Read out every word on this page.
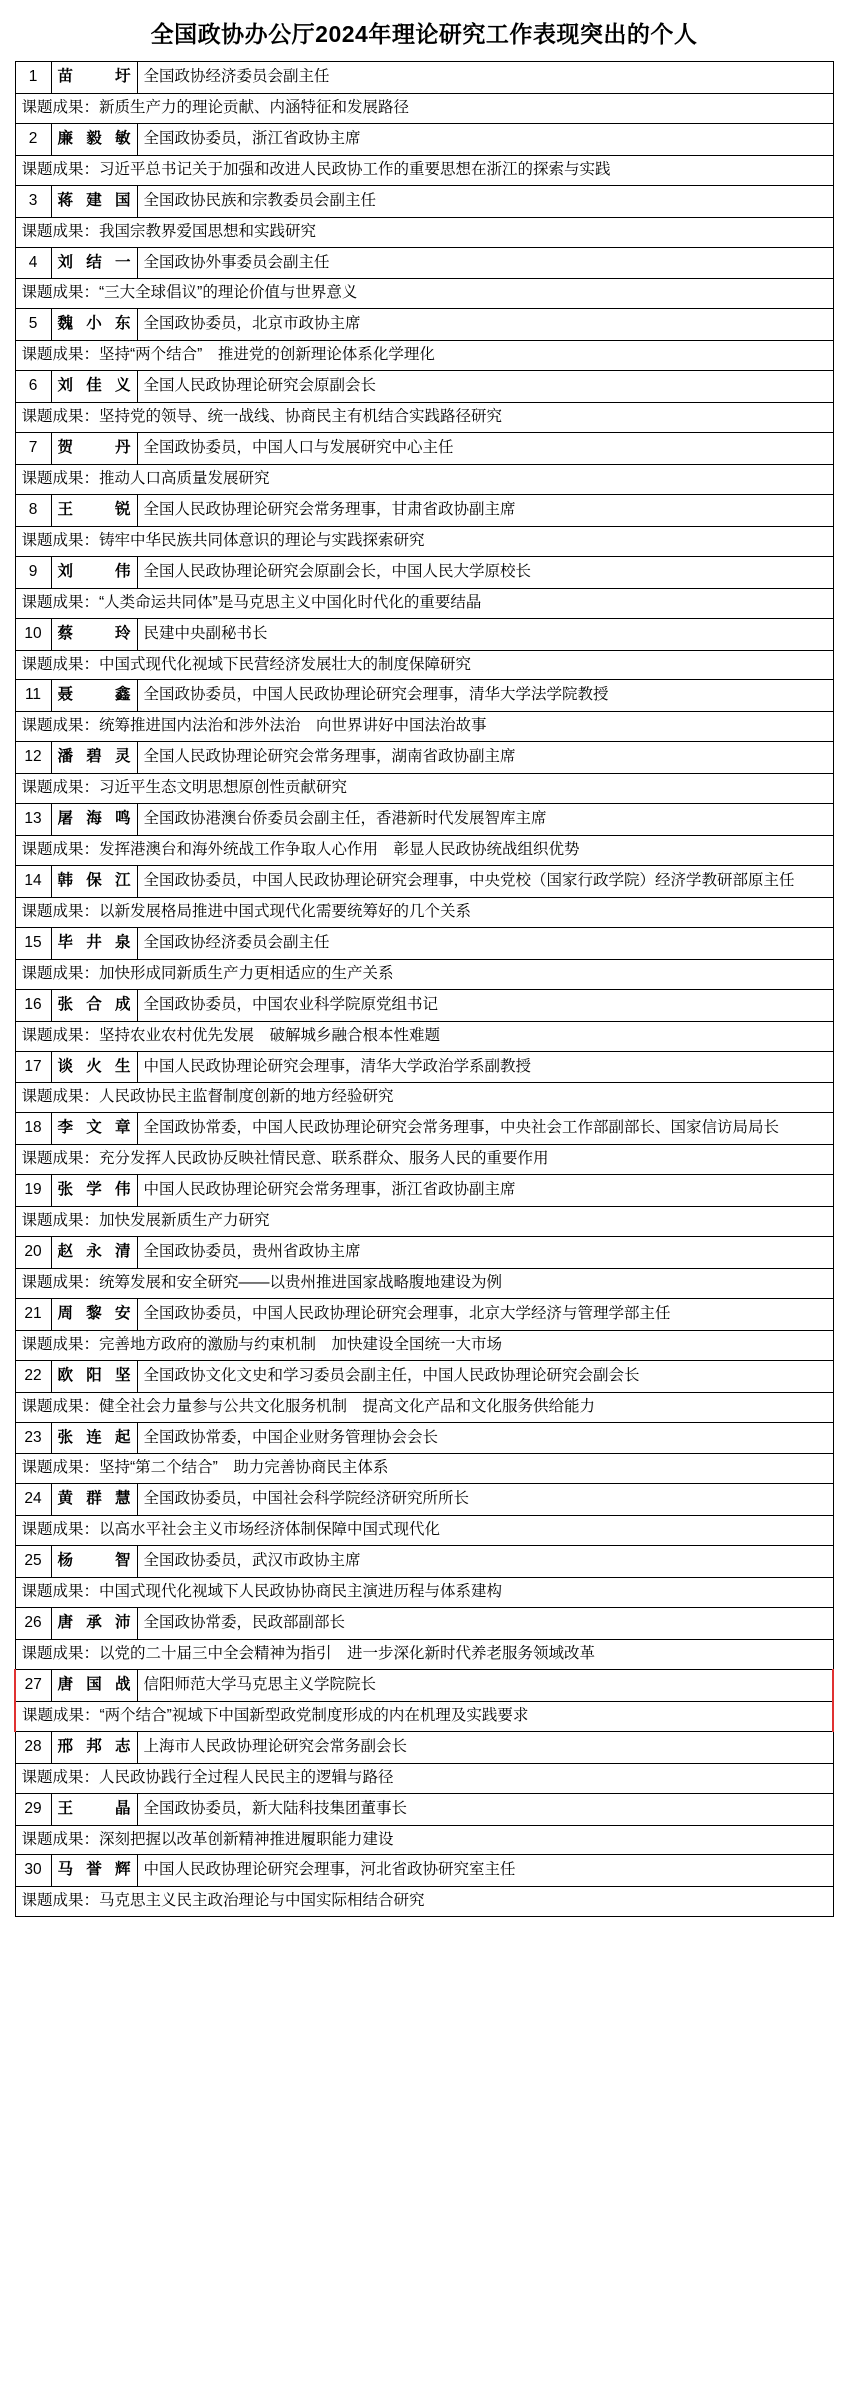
全国政协办公厅2024年理论研究工作表现突出的个人
1	苗 圩	全国政协经济委员会副主任
课题成果：新质生产力的理论贡献、内涵特征和发展路径		
2	廉毅敏	全国政协委员，浙江省政协主席
课题成果：习近平总书记关于加强和改进人民政协工作的重要思想在浙江的探索与实践		
3	蒋建国	全国政协民族和宗教委员会副主任
课题成果：我国宗教界爱国思想和实践研究		
4	刘结一	全国政协外事委员会副主任
课题成果：“三大全球倡议”的理论价值与世界意义		
5	魏小东	全国政协委员，北京市政协主席
课题成果：坚持“两个结合”　推进党的创新理论体系化学理化		
6	刘佳义	全国人民政协理论研究会原副会长
课题成果：坚持党的领导、统一战线、协商民主有机结合实践路径研究		
7	贺 丹	全国政协委员，中国人口与发展研究中心主任
课题成果：推动人口高质量发展研究		
8	王 锐	全国人民政协理论研究会常务理事，甘肃省政协副主席
课题成果：铸牢中华民族共同体意识的理论与实践探索研究		
9	刘 伟	全国人民政协理论研究会原副会长，中国人民大学原校长
课题成果：“人类命运共同体”是马克思主义中国化时代化的重要结晶		
10	蔡 玲	民建中央副秘书长
课题成果：中国式现代化视域下民营经济发展壮大的制度保障研究		
11	聂 鑫	全国政协委员，中国人民政协理论研究会理事，清华大学法学院教授
课题成果：统筹推进国内法治和涉外法治　向世界讲好中国法治故事		
12	潘碧灵	全国人民政协理论研究会常务理事，湖南省政协副主席
课题成果：习近平生态文明思想原创性贡献研究		
13	屠海鸣	全国政协港澳台侨委员会副主任，香港新时代发展智库主席
课题成果：发挥港澳台和海外统战工作争取人心作用　彰显人民政协统战组织优势		
14	韩保江	全国政协委员，中国人民政协理论研究会理事，中央党校（国家行政学院）经济学教研部原主任
课题成果：以新发展格局推进中国式现代化需要统筹好的几个关系		
15	毕井泉	全国政协经济委员会副主任
课题成果：加快形成同新质生产力更相适应的生产关系		
16	张合成	全国政协委员，中国农业科学院原党组书记
课题成果：坚持农业农村优先发展　破解城乡融合根本性难题		
17	谈火生	中国人民政协理论研究会理事，清华大学政治学系副教授
课题成果：人民政协民主监督制度创新的地方经验研究		
18	李文章	全国政协常委，中国人民政协理论研究会常务理事，中央社会工作部副部长、国家信访局局长
课题成果：充分发挥人民政协反映社情民意、联系群众、服务人民的重要作用		
19	张学伟	中国人民政协理论研究会常务理事，浙江省政协副主席
课题成果：加快发展新质生产力研究		
20	赵永清	全国政协委员，贵州省政协主席
课题成果：统筹发展和安全研究——以贵州推进国家战略腹地建设为例		
21	周黎安	全国政协委员，中国人民政协理论研究会理事，北京大学经济与管理学部主任
课题成果：完善地方政府的激励与约束机制　加快建设全国统一大市场		
22	欧阳坚	全国政协文化文史和学习委员会副主任，中国人民政协理论研究会副会长
课题成果：健全社会力量参与公共文化服务机制　提高文化产品和文化服务供给能力		
23	张连起	全国政协常委，中国企业财务管理协会会长
课题成果：坚持“第二个结合”　助力完善协商民主体系		
24	黄群慧	全国政协委员，中国社会科学院经济研究所所长
课题成果：以高水平社会主义市场经济体制保障中国式现代化		
25	杨 智	全国政协委员，武汉市政协主席
课题成果：中国式现代化视域下人民政协协商民主演进历程与体系建构		
26	唐承沛	全国政协常委，民政部副部长
课题成果：以党的二十届三中全会精神为指引　进一步深化新时代养老服务领域改革		
27	唐国战	信阳师范大学马克思主义学院院长
课题成果：“两个结合”视域下中国新型政党制度形成的内在机理及实践要求		
28	邢邦志	上海市人民政协理论研究会常务副会长
课题成果：人民政协践行全过程人民民主的逻辑与路径		
29	王 晶	全国政协委员，新大陆科技集团董事长
课题成果：深刻把握以改革创新精神推进履职能力建设		
30	马誉辉	中国人民政协理论研究会理事，河北省政协研究室主任
课题成果：马克思主义民主政治理论与中国实际相结合研究		
